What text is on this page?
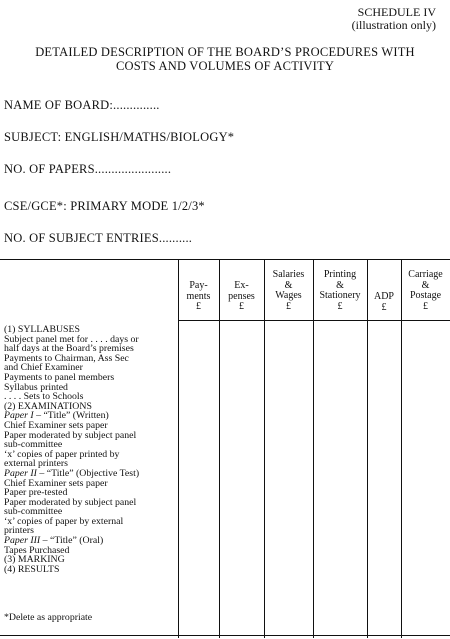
SCHEDULE IV
(illustration only)
DETAILED DESCRIPTION OF THE BOARD’S PROCEDURES WITH
COSTS AND VOLUMES OF ACTIVITY
NAME OF BOARD:..............
SUBJECT: ENGLISH/MATHS/BIOLOGY*
NO. OF PAPERS.......................
CSE/GCE*: PRIMARY MODE 1/2/3*
NO. OF SUBJECT ENTRIES..........
Pay-
ments
£
Ex-
penses
£
Salaries
&
Wages
£
Printing
&
Stationery
£
ADP
£
Carriage
&
Postage
£
(1) SYLLABUSES
Subject panel met for . . . . days or
half days at the Board’s premises
Payments to Chairman, Ass Sec
and Chief Examiner
Payments to panel members
Syllabus printed
. . . . Sets to Schools
(2) EXAMINATIONS
Paper I – “Title” (Written)
Chief Examiner sets paper
Paper moderated by subject panel
sub-committee
‘x’ copies of paper printed by
external printers
Paper II – “Title” (Objective Test)
Chief Examiner sets paper
Paper pre-tested
Paper moderated by subject panel
sub-committee
‘x’ copies of paper by external
printers
Paper III – “Title” (Oral)
Tapes Purchased
(3) MARKING
(4) RESULTS
*Delete as appropriate
